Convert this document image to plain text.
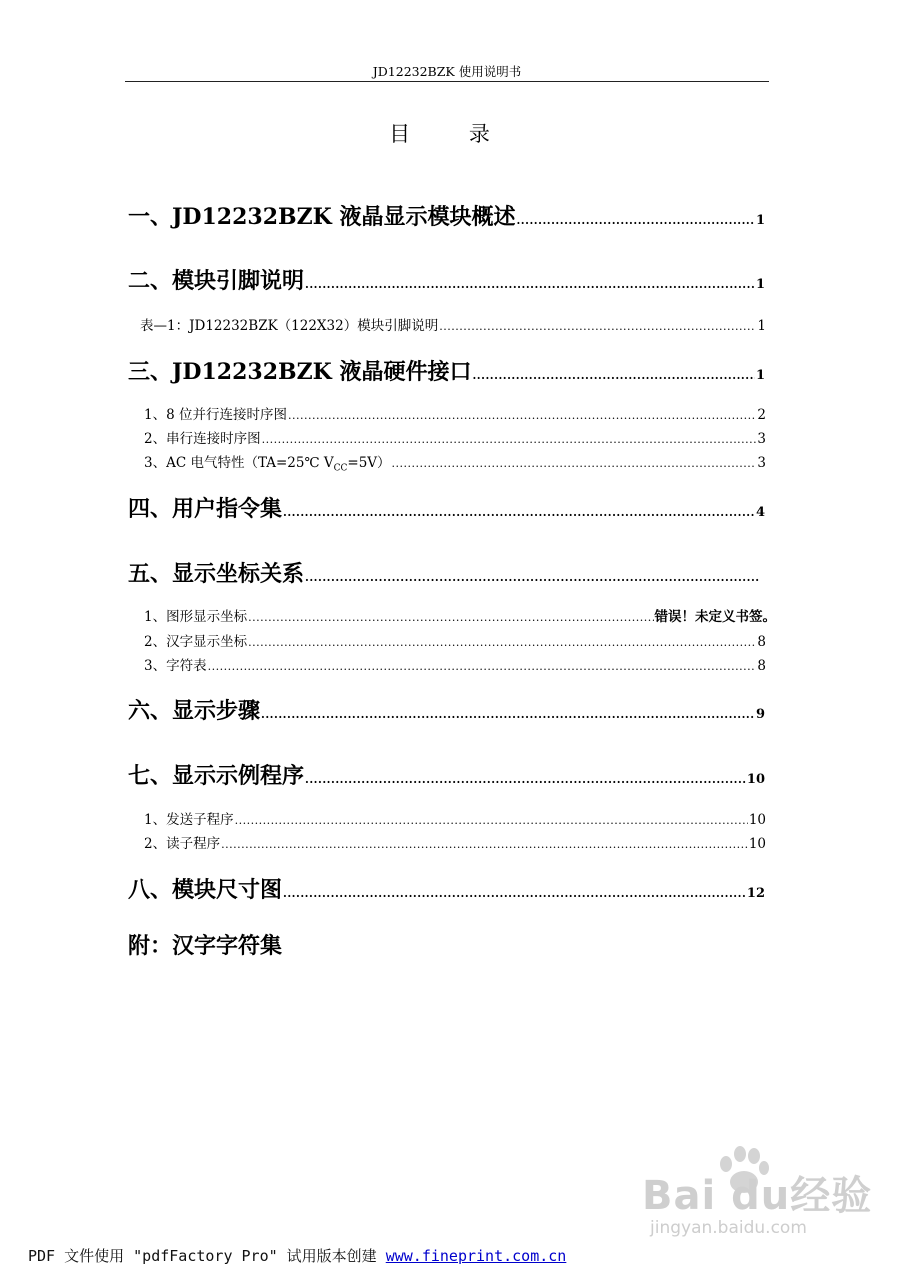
JD12232BZK 使用说明书
目 录
一、JD12232BZK 液晶显示模块概述 .....	1
二、模块引脚说明 .....	1
表—1：JD12232BZK（122X32）模块引脚说明 .....	1
三、JD12232BZK 液晶硬件接口 .....	1
1、8 位并行连接时序图 .....	2
2、串行连接时序图 .....	3
3、AC 电气特性（TA=25℃ $V_{CC}=5V$） .....	3
四、用户指令集 .....	4
五、显示坐标关系
.....
1、图形显示坐标 .....	错误！未定义书签。
2、汉字显示坐标 .....	8
3、字符表 .....	8
六、显示步骤 .....	9
七、显示示例程序 .....	10
1、发送子程序 .....	10
2、读子程序 .....	10
八、模块尺寸图 .....	12
附：汉字字符集
Bai du经验
jingyan.baidu.com
PDF 文件使用 "pdfFactory Pro" 试用版本创建 www.fineprint.com.cn
